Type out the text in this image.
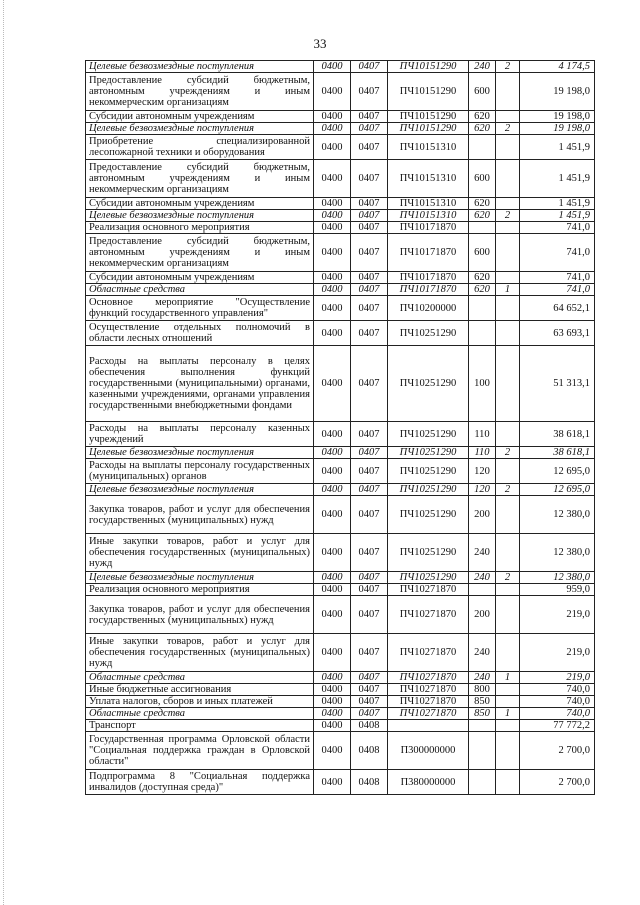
33
Целевые безвозмездные поступления	0400	0407	ПЧ10151290	240	2	4 174,5
Предоставление субсидий бюджетным, автономным учреждениям и иным некоммерческим организациям	0400	0407	ПЧ10151290	600		19 198,0
Субсидии автономным учреждениям	0400	0407	ПЧ10151290	620		19 198,0
Целевые безвозмездные поступления	0400	0407	ПЧ10151290	620	2	19 198,0
Приобретение специализированной лесопожарной техники и оборудования	0400	0407	ПЧ10151310			1 451,9
Предоставление субсидий бюджетным, автономным учреждениям и иным некоммерческим организациям	0400	0407	ПЧ10151310	600		1 451,9
Субсидии автономным учреждениям	0400	0407	ПЧ10151310	620		1 451,9
Целевые безвозмездные поступления	0400	0407	ПЧ10151310	620	2	1 451,9
Реализация основного мероприятия	0400	0407	ПЧ10171870			741,0
Предоставление субсидий бюджетным, автономным учреждениям и иным некоммерческим организациям	0400	0407	ПЧ10171870	600		741,0
Субсидии автономным учреждениям	0400	0407	ПЧ10171870	620		741,0
Областные средства	0400	0407	ПЧ10171870	620	1	741,0
Основное мероприятие "Осуществление функций государственного управления"	0400	0407	ПЧ10200000			64 652,1
Осуществление отдельных полномочий в области лесных отношений	0400	0407	ПЧ10251290			63 693,1
Расходы на выплаты персоналу в целях обеспечения выполнения функций государственными (муниципальными) органами, казенными учреждениями, органами управления государственными внебюджетными фондами	0400	0407	ПЧ10251290	100		51 313,1
Расходы на выплаты персоналу казенных учреждений	0400	0407	ПЧ10251290	110		38 618,1
Целевые безвозмездные поступления	0400	0407	ПЧ10251290	110	2	38 618,1
Расходы на выплаты персоналу государственных (муниципальных) органов	0400	0407	ПЧ10251290	120		12 695,0
Целевые безвозмездные поступления	0400	0407	ПЧ10251290	120	2	12 695,0
Закупка товаров, работ и услуг для обеспечения государственных (муниципальных) нужд	0400	0407	ПЧ10251290	200		12 380,0
Иные закупки товаров, работ и услуг для обеспечения государственных (муниципальных) нужд	0400	0407	ПЧ10251290	240		12 380,0
Целевые безвозмездные поступления	0400	0407	ПЧ10251290	240	2	12 380,0
Реализация основного мероприятия	0400	0407	ПЧ10271870			959,0
Закупка товаров, работ и услуг для обеспечения государственных (муниципальных) нужд	0400	0407	ПЧ10271870	200		219,0
Иные закупки товаров, работ и услуг для обеспечения государственных (муниципальных) нужд	0400	0407	ПЧ10271870	240		219,0
Областные средства	0400	0407	ПЧ10271870	240	1	219,0
Иные бюджетные ассигнования	0400	0407	ПЧ10271870	800		740,0
Уплата налогов, сборов и иных платежей	0400	0407	ПЧ10271870	850		740,0
Областные средства	0400	0407	ПЧ10271870	850	1	740,0
Транспорт	0400	0408				77 772,2
Государственная программа Орловской области "Социальная поддержка граждан в Орловской области"	0400	0408	П300000000			2 700,0
Подпрограмма 8 "Социальная поддержка инвалидов (доступная среда)"	0400	0408	П380000000			2 700,0
